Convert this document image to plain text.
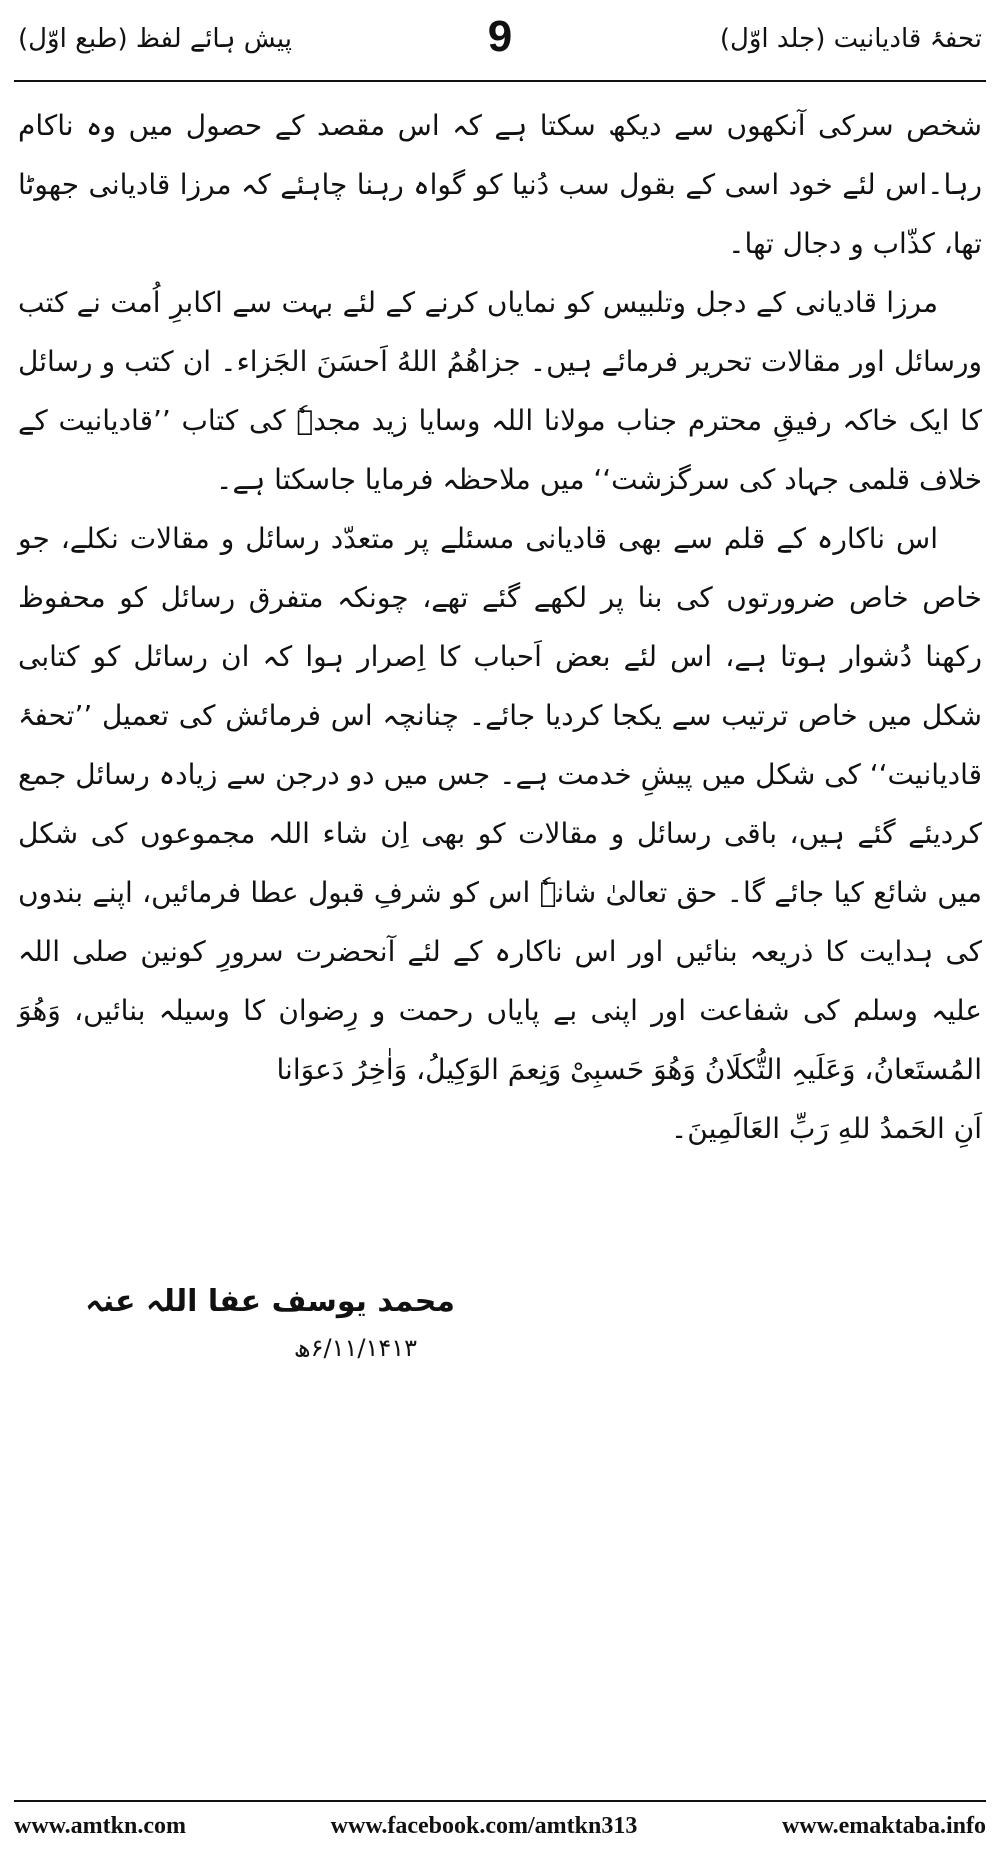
پیش ہائے لفظ (طبع اوّل)	9	تحفۂ قادیانیت (جلد اوّل)

شخص سرکی آنکھوں سے دیکھ سکتا ہے کہ اس مقصد کے حصول میں وہ ناکام رہا۔اس لئے خود اسی کے بقول سب دُنیا کو گواہ رہنا چاہئے کہ مرزا قادیانی جھوٹا تھا، کذّاب و دجال تھا۔

مرزا قادیانی کے دجل وتلبیس کو نمایاں کرنے کے لئے بہت سے اکابرِ اُمت نے کتب ورسائل اور مقالات تحریر فرمائے ہیں۔ جزاھُمُ اللهُ اَحسَنَ الجَزاء۔ ان کتب و رسائل کا ایک خاکہ رفیقِ محترم جناب مولانا اللہ وسایا زید مجدہٗ کی کتاب ’’قادیانیت کے خلاف قلمی جہاد کی سرگزشت‘‘ میں ملاحظہ فرمایا جاسکتا ہے۔

اس ناکارہ کے قلم سے بھی قادیانی مسئلے پر متعدّد رسائل و مقالات نکلے، جو خاص خاص ضرورتوں کی بنا پر لکھے گئے تھے، چونکہ متفرق رسائل کو محفوظ رکھنا دُشوار ہوتا ہے، اس لئے بعض اَحباب کا اِصرار ہوا کہ ان رسائل کو کتابی شکل میں خاص ترتیب سے یکجا کردیا جائے۔ چنانچہ اس فرمائش کی تعمیل ’’تحفۂ قادیانیت‘‘ کی شکل میں پیشِ خدمت ہے۔ جس میں دو درجن سے زیادہ رسائل جمع کردیئے گئے ہیں، باقی رسائل و مقالات کو بھی اِن شاء اللہ مجموعوں کی شکل میں شائع کیا جائے گا۔ حق تعالیٰ شانہٗ اس کو شرفِ قبول عطا فرمائیں، اپنے بندوں کی ہدایت کا ذریعہ بنائیں اور اس ناکارہ کے لئے آنحضرت سرورِ کونین صلی اللہ علیہ وسلم کی شفاعت اور اپنی بے پایاں رحمت و رِضوان کا وسیلہ بنائیں، وَھُوَ المُستَعانُ، وَعَلَیہِ التُّکلَانُ وَھُوَ حَسبِیْ وَنِعمَ الوَکِیلُ، وَاٰخِرُ دَعوَانا

اَنِ الحَمدُ للهِ رَبِّ العَالَمِینَ۔

محمد یوسف عفا اللہ عنہ
۶/۱۱/۱۴۱۳ھ
www.amtkn.com	www.facebook.com/amtkn313	www.emaktaba.info
